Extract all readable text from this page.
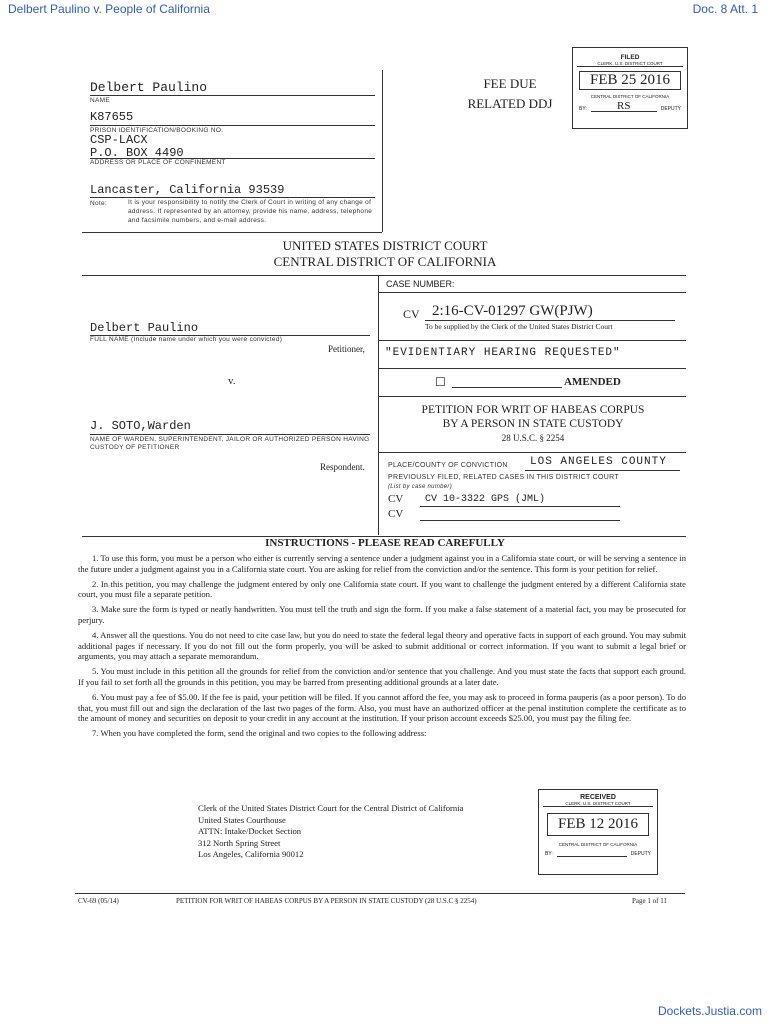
Delbert Paulino v. People of California	Doc. 8 Att. 1
Dockets.Justia.com
Delbert Paulino
NAME
K87655
PRISON IDENTIFICATION/BOOKING NO.
CSP-LACX
P.O. BOX 4490
ADDRESS OR PLACE OF CONFINEMENT
Lancaster, California 93539
Note:	It is your responsibility to notify the Clerk of Court in writing of any change of address. If represented by an attorney, provide his name, address, telephone and facsimile numbers, and e-mail address.
FEE DUE
RELATED DDJ
FILED
CLERK, U.S. DISTRICT COURT
FEB 25 2016
CENTRAL DISTRICT OF CALIFORNIA
BY:	RS	DEPUTY
UNITED STATES DISTRICT COURT
CENTRAL DISTRICT OF CALIFORNIA
CASE NUMBER:
CV 2:16-CV-01297 GW(PJW)
To be supplied by the Clerk of the United States District Court
"EVIDENTIARY HEARING REQUESTED"
☐	AMENDED
Delbert Paulino
FULL NAME (Include name under which you were convicted)
Petitioner,
v.
J. SOTO,Warden
NAME OF WARDEN, SUPERINTENDENT, JAILOR OR AUTHORIZED PERSON HAVING CUSTODY OF PETITIONER
Respondent.
PETITION FOR WRIT OF HABEAS CORPUS
BY A PERSON IN STATE CUSTODY
28 U.S.C. § 2254
PLACE/COUNTY OF CONVICTION LOS ANGELES COUNTY
PREVIOUSLY FILED, RELATED CASES IN THIS DISTRICT COURT
(List by case number)
CV CV 10-3322 GPS (JML)
CV
INSTRUCTIONS - PLEASE READ CAREFULLY

1. To use this form, you must be a person who either is currently serving a sentence under a judgment against you in a California state court, or will be serving a sentence in the future under a judgment against you in a California state court. You are asking for relief from the conviction and/or the sentence. This form is your petition for relief.

2. In this petition, you may challenge the judgment entered by only one California state court. If you want to challenge the judgment entered by a different California state court, you must file a separate petition.

3. Make sure the form is typed or neatly handwritten. You must tell the truth and sign the form. If you make a false statement of a material fact, you may be prosecuted for perjury.

4. Answer all the questions. You do not need to cite case law, but you do need to state the federal legal theory and operative facts in support of each ground. You may submit additional pages if necessary. If you do not fill out the form properly, you will be asked to submit additional or correct information. If you want to submit a legal brief or arguments, you may attach a separate memorandum.

5. You must include in this petition all the grounds for relief from the conviction and/or sentence that you challenge. And you must state the facts that support each ground. If you fail to set forth all the grounds in this petition, you may be barred from presenting additional grounds at a later date.

6. You must pay a fee of $5.00. If the fee is paid, your petition will be filed. If you cannot afford the fee, you may ask to proceed in forma pauperis (as a poor person). To do that, you must fill out and sign the declaration of the last two pages of the form. Also, you must have an authorized officer at the penal institution complete the certificate as to the amount of money and securities on deposit to your credit in any account at the institution. If your prison account exceeds $25.00, you must pay the filing fee.

7. When you have completed the form, send the original and two copies to the following address:

Clerk of the United States District Court for the Central District of California
United States Courthouse
ATTN: Intake/Docket Section
312 North Spring Street
Los Angeles, California 90012
RECEIVED
CLERK, U.S. DISTRICT COURT
FEB 12 2016
CENTRAL DISTRICT OF CALIFORNIA
BY:	DEPUTY
CV-69 (05/14)	PETITION FOR WRIT OF HABEAS CORPUS BY A PERSON IN STATE CUSTODY (28 U.S.C § 2254)	Page 1 of 11
